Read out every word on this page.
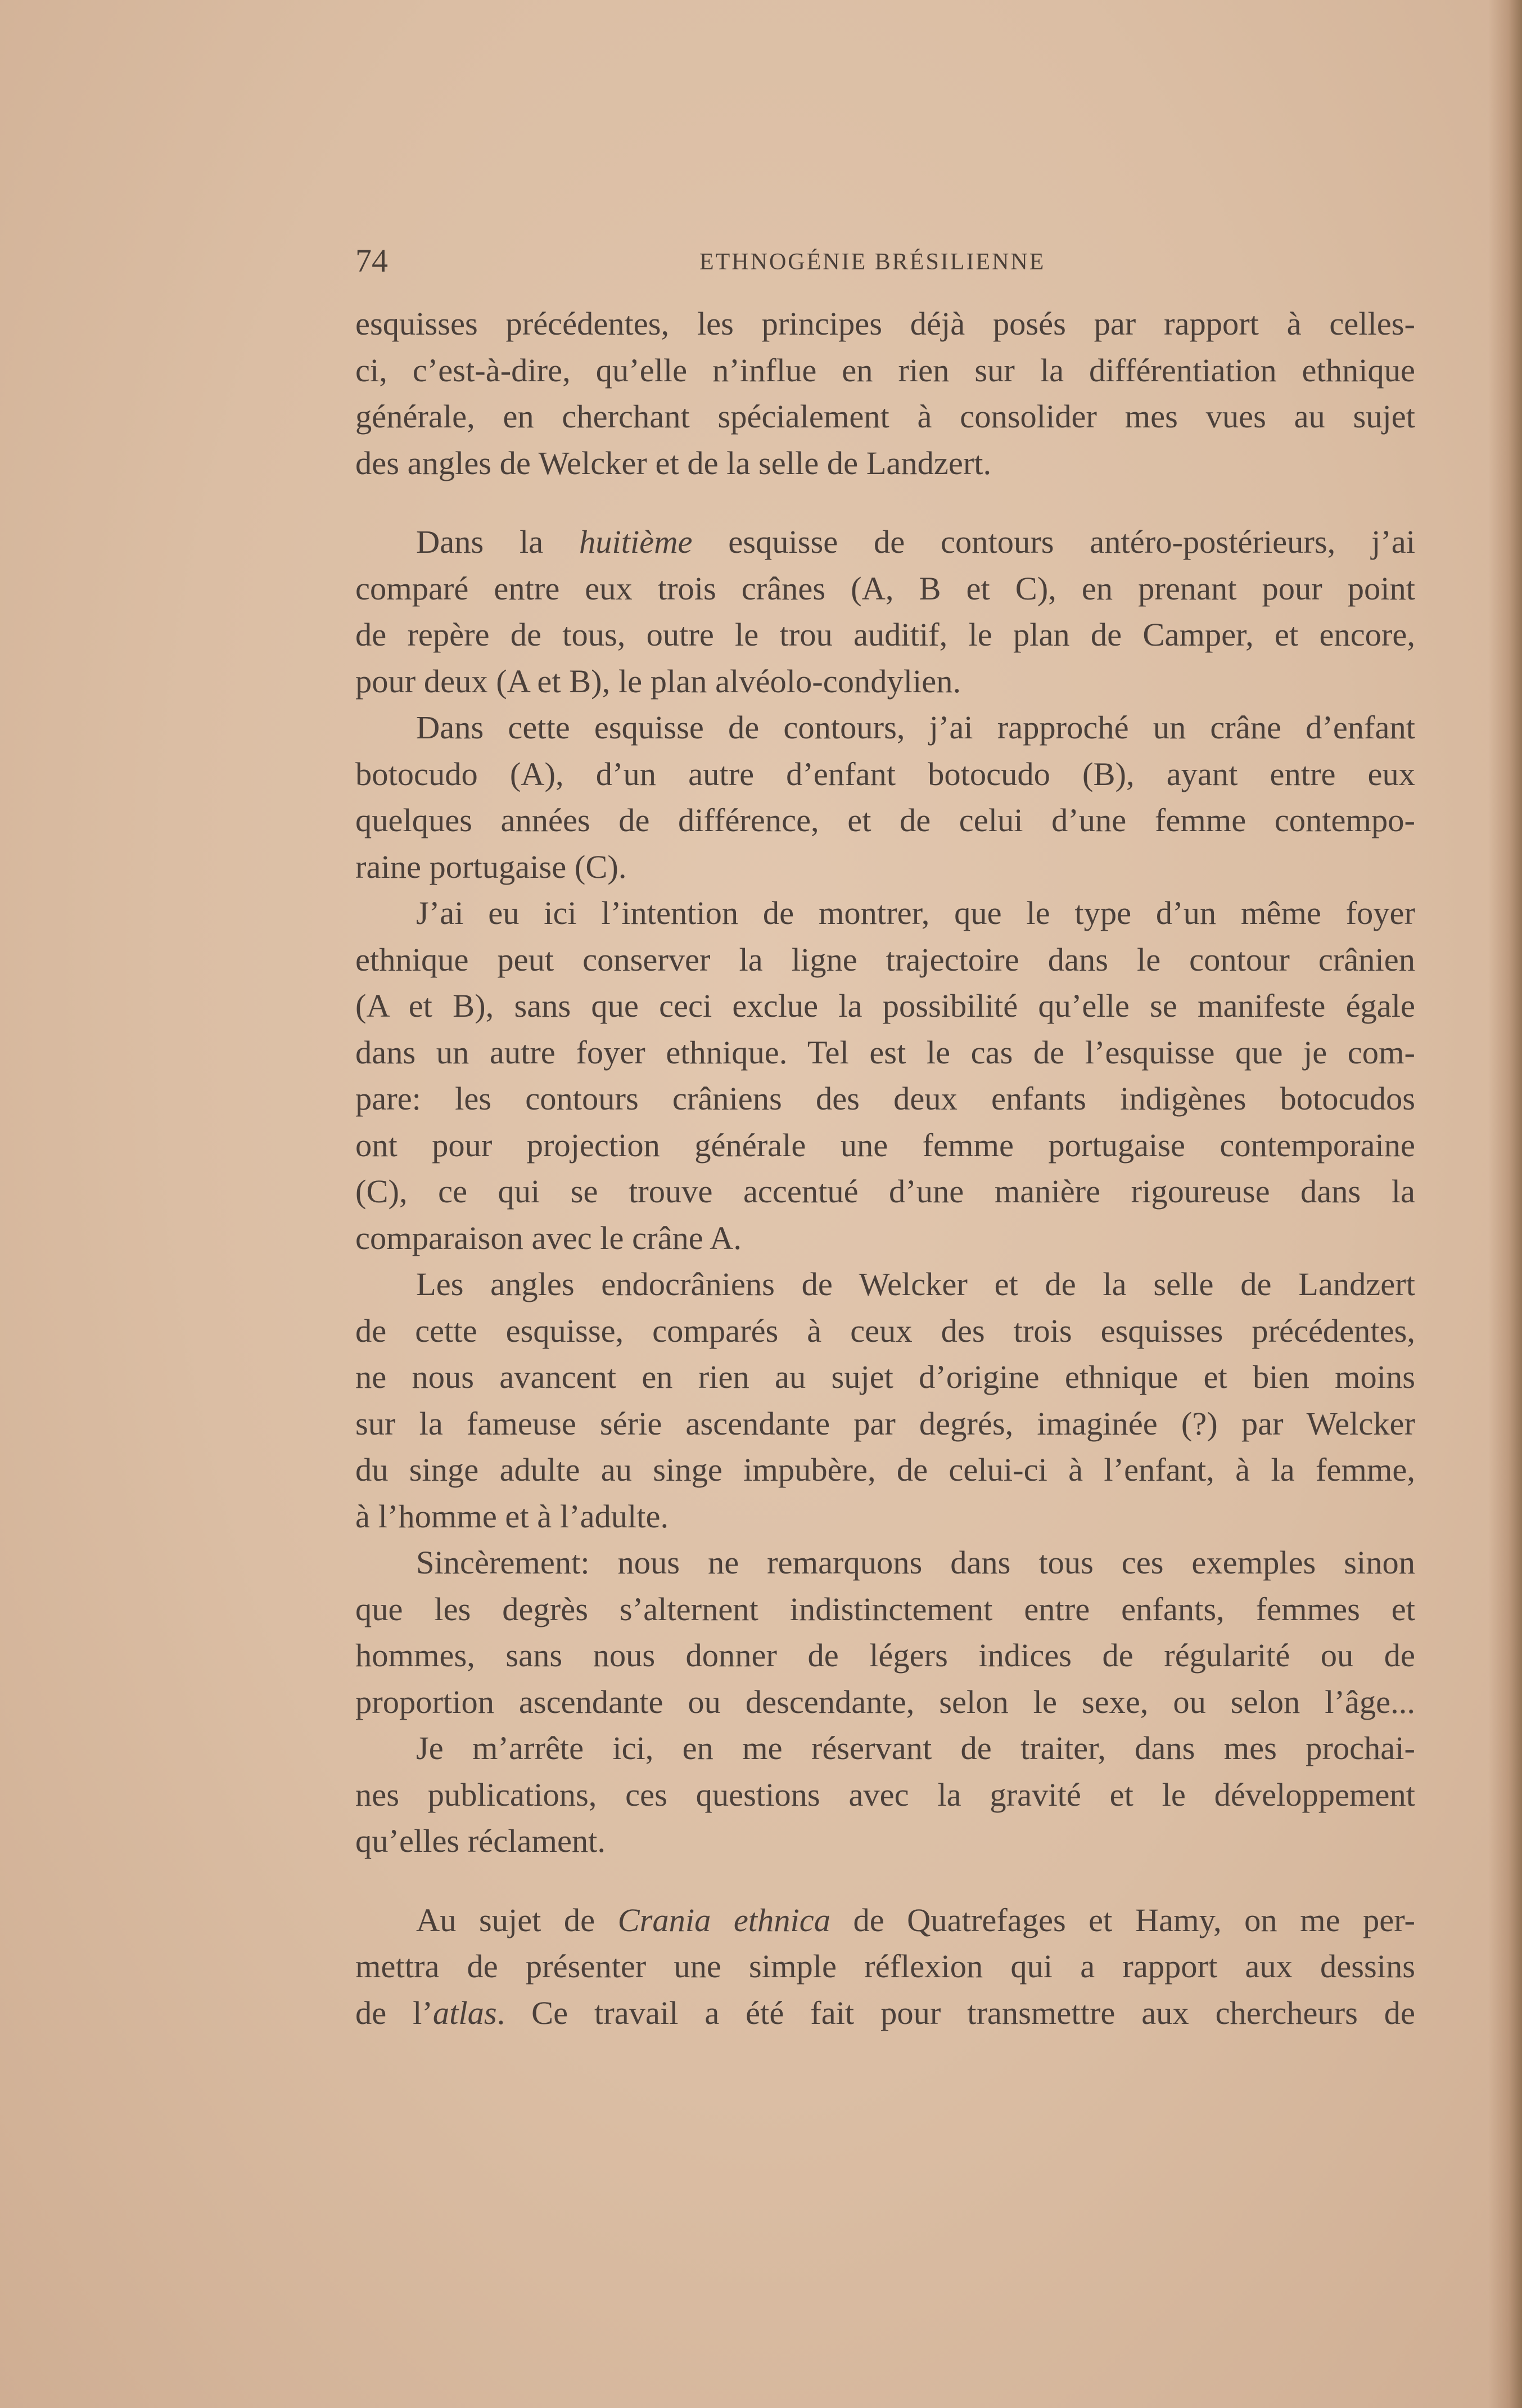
74	ETHNOGÉNIE BRÉSILIENNE
esquisses précédentes, les principes déjà posés par rapport à celles-
ci, c’est-à-dire, qu’elle n’influe en rien sur la différentiation ethnique
générale, en cherchant spécialement à consolider mes vues au sujet
des angles de Welcker et de la selle de Landzert.
Dans la huitième esquisse de contours antéro-postérieurs, j’ai
comparé entre eux trois crânes (A, B et C), en prenant pour point
de repère de tous, outre le trou auditif, le plan de Camper, et encore,
pour deux (A et B), le plan alvéolo-condylien.
Dans cette esquisse de contours, j’ai rapproché un crâne d’enfant
botocudo (A), d’un autre d’enfant botocudo (B), ayant entre eux
quelques années de différence, et de celui d’une femme contempo-
raine portugaise (C).
J’ai eu ici l’intention de montrer, que le type d’un même foyer
ethnique peut conserver la ligne trajectoire dans le contour crânien
(A et B), sans que ceci exclue la possibilité qu’elle se manifeste égale
dans un autre foyer ethnique. Tel est le cas de l’esquisse que je com-
pare: les contours crâniens des deux enfants indigènes botocudos
ont pour projection générale une femme portugaise contemporaine
(C), ce qui se trouve accentué d’une manière rigoureuse dans la
comparaison avec le crâne A.
Les angles endocrâniens de Welcker et de la selle de Landzert
de cette esquisse, comparés à ceux des trois esquisses précédentes,
ne nous avancent en rien au sujet d’origine ethnique et bien moins
sur la fameuse série ascendante par degrés, imaginée (?) par Welcker
du singe adulte au singe impubère, de celui-ci à l’enfant, à la femme,
à l’homme et à l’adulte.
Sincèrement: nous ne remarquons dans tous ces exemples sinon
que les degrès s’alternent indistinctement entre enfants, femmes et
hommes, sans nous donner de légers indices de régularité ou de
proportion ascendante ou descendante, selon le sexe, ou selon l’âge...
Je m’arrête ici, en me réservant de traiter, dans mes prochai-
nes publications, ces questions avec la gravité et le développement
qu’elles réclament.
Au sujet de Crania ethnica de Quatrefages et Hamy, on me per-
mettra de présenter une simple réflexion qui a rapport aux dessins
de l’atlas. Ce travail a été fait pour transmettre aux chercheurs de
